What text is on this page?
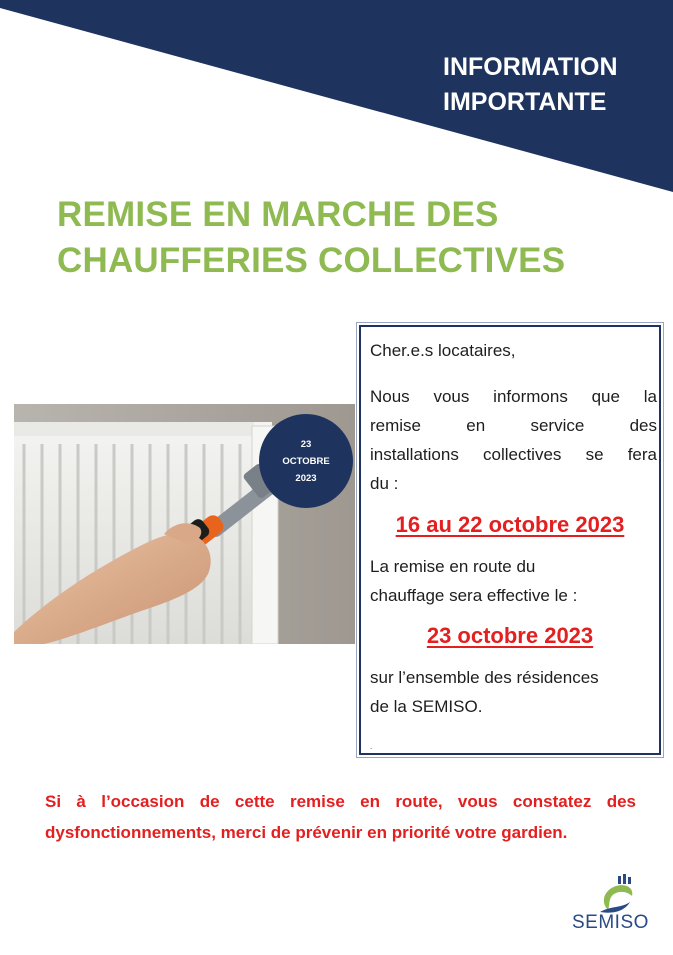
INFORMATION
IMPORTANTE
REMISE EN MARCHE DES
CHAUFFERIES COLLECTIVES
23
OCTOBRE
2023
Cher.e.s locataires,
Nous vous informons que la
remise en service des
installations collectives se fera
du :
16 au 22 octobre 2023
La remise en route du
chauffage sera effective le :
23 octobre 2023
sur l’ensemble des résidences
de la SEMISO.
.
Si à l’occasion de cette remise en route, vous constatez des
dysfonctionnements, merci de prévenir en priorité votre gardien.
SEMISO
